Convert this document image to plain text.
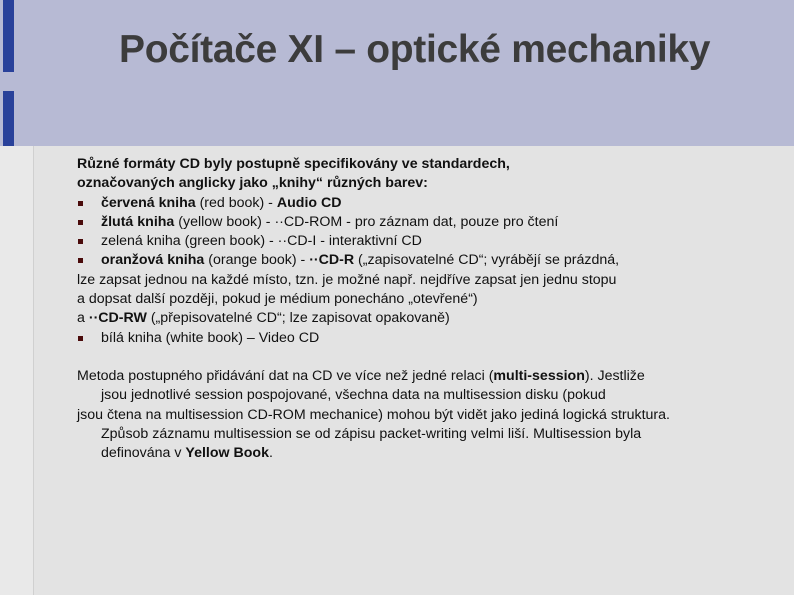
Počítače XI – optické mechaniky

Různé formáty CD byly postupně specifikovány ve standardech,

označovaných anglicky jako „knihy“ různých barev:

červená kniha (red book) - Audio CD
žlutá kniha (yellow book) - ··CD-ROM - pro záznam dat, pouze pro čtení
zelená kniha (green book) - ··CD-I - interaktivní CD
oranžová kniha (orange book) - ··CD-R („zapisovatelné CD“; vyrábějí se prázdná,

lze zapsat jednou na každé místo, tzn. je možné např. nejdříve zapsat jen jednu stopu

a dopsat další později, pokud je médium ponecháno „otevřené“)

a ··CD-RW („přepisovatelné CD“; lze zapisovat opakovaně)

bílá kniha (white book) – Video CD

Metoda postupného přidávání dat na CD ve více než jedné relaci (multi-session). Jestliže

jsou jednotlivé session pospojované, všechna data na multisession disku (pokud

jsou čtena na multisession CD-ROM mechanice) mohou být vidět jako jediná logická struktura.

Způsob záznamu multisession se od zápisu packet-writing velmi liší. Multisession byla

definována v Yellow Book.
